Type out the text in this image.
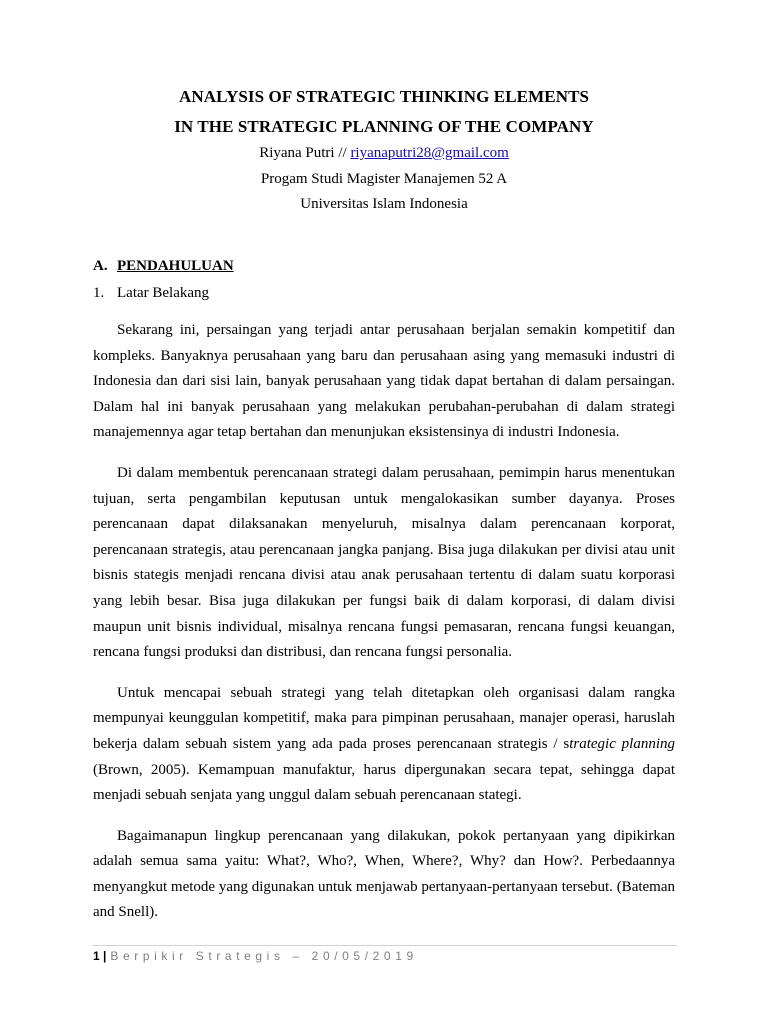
ANALYSIS OF STRATEGIC THINKING ELEMENTS
IN THE STRATEGIC PLANNING OF THE COMPANY
Riyana Putri // riyanaputri28@gmail.com
Progam Studi Magister Manajemen 52 A
Universitas Islam Indonesia
A. PENDAHULUAN
1. Latar Belakang

Sekarang ini, persaingan yang terjadi antar perusahaan berjalan semakin kompetitif dan kompleks. Banyaknya perusahaan yang baru dan perusahaan asing yang memasuki industri di Indonesia dan dari sisi lain, banyak perusahaan yang tidak dapat bertahan di dalam persaingan. Dalam hal ini banyak perusahaan yang melakukan perubahan-perubahan di dalam strategi manajemennya agar tetap bertahan dan menunjukan eksistensinya di industri Indonesia.

Di dalam membentuk perencanaan strategi dalam perusahaan, pemimpin harus menentukan tujuan, serta pengambilan keputusan untuk mengalokasikan sumber dayanya. Proses perencanaan dapat dilaksanakan menyeluruh, misalnya dalam perencanaan korporat, perencanaan strategis, atau perencanaan jangka panjang. Bisa juga dilakukan per divisi atau unit bisnis stategis menjadi rencana divisi atau anak perusahaan tertentu di dalam suatu korporasi yang lebih besar. Bisa juga dilakukan per fungsi baik di dalam korporasi, di dalam divisi maupun unit bisnis individual, misalnya rencana fungsi pemasaran, rencana fungsi keuangan, rencana fungsi produksi dan distribusi, dan rencana fungsi personalia.

Untuk mencapai sebuah strategi yang telah ditetapkan oleh organisasi dalam rangka mempunyai keunggulan kompetitif, maka para pimpinan perusahaan, manajer operasi, haruslah bekerja dalam sebuah sistem yang ada pada proses perencanaan strategis / strategic planning (Brown, 2005). Kemampuan manufaktur, harus dipergunakan secara tepat, sehingga dapat menjadi sebuah senjata yang unggul dalam sebuah perencanaan stategi.

Bagaimanapun lingkup perencanaan yang dilakukan, pokok pertanyaan yang dipikirkan adalah semua sama yaitu: What?, Who?, When, Where?, Why? dan How?. Perbedaannya menyangkut metode yang digunakan untuk menjawab pertanyaan-pertanyaan tersebut. (Bateman and Snell).

1 | Berpikir Strategis – 20/05/2019
